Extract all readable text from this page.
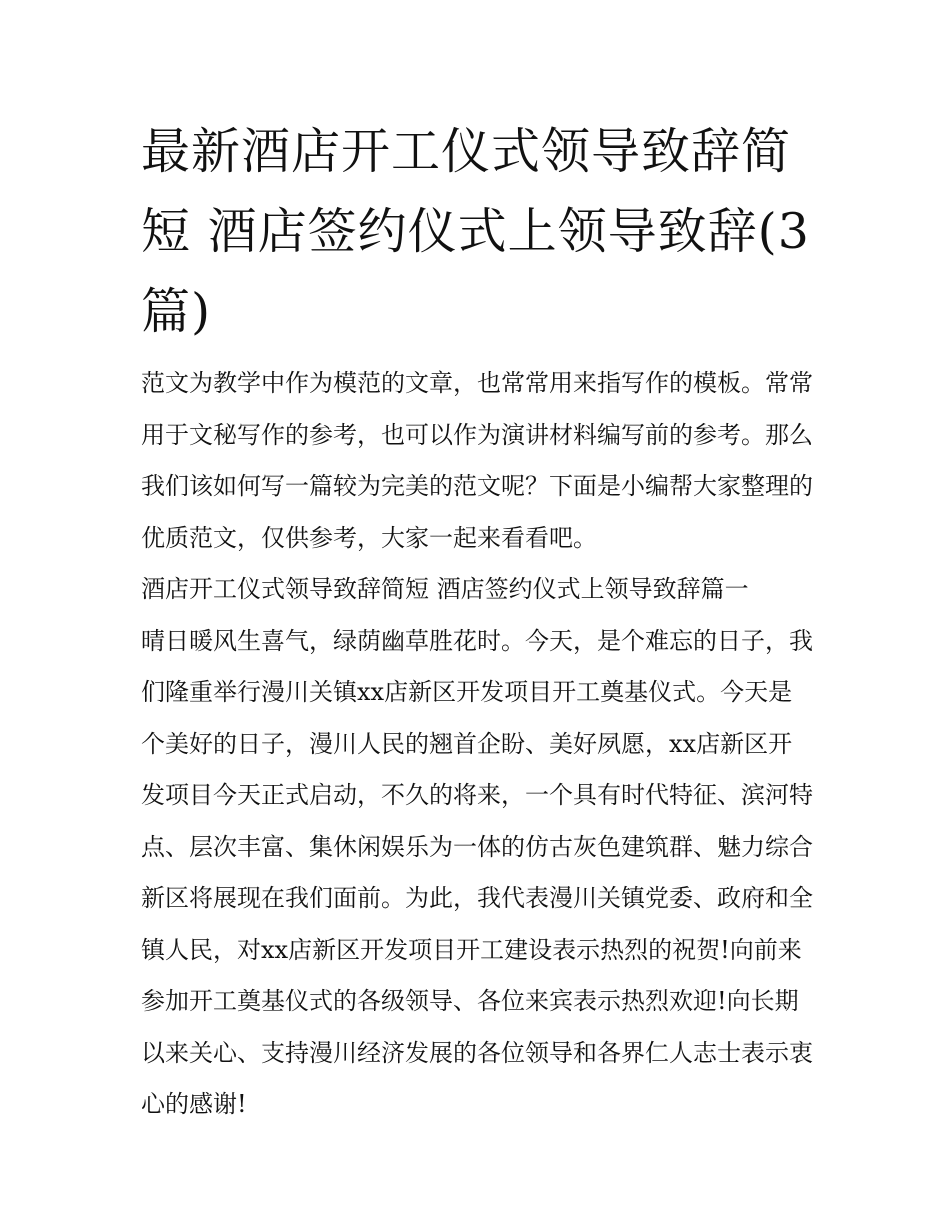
最新酒店开工仪式领导致辞简短 酒店签约仪式上领导致辞(3篇)

范文为教学中作为模范的文章，也常常用来指写作的模板。常常用于文秘写作的参考，也可以作为演讲材料编写前的参考。那么我们该如何写一篇较为完美的范文呢？下面是小编帮大家整理的优质范文，仅供参考，大家一起来看看吧。

酒店开工仪式领导致辞简短 酒店签约仪式上领导致辞篇一

晴日暖风生喜气，绿荫幽草胜花时。今天，是个难忘的日子，我们隆重举行漫川关镇xx店新区开发项目开工奠基仪式。今天是个美好的日子，漫川人民的翘首企盼、美好夙愿，xx店新区开发项目今天正式启动，不久的将来，一个具有时代特征、滨河特点、层次丰富、集休闲娱乐为一体的仿古灰色建筑群、魅力综合新区将展现在我们面前。为此，我代表漫川关镇党委、政府和全镇人民，对xx店新区开发项目开工建设表示热烈的祝贺!向前来参加开工奠基仪式的各级领导、各位来宾表示热烈欢迎!向长期以来关心、支持漫川经济发展的各位领导和各界仁人志士表示衷心的感谢!
